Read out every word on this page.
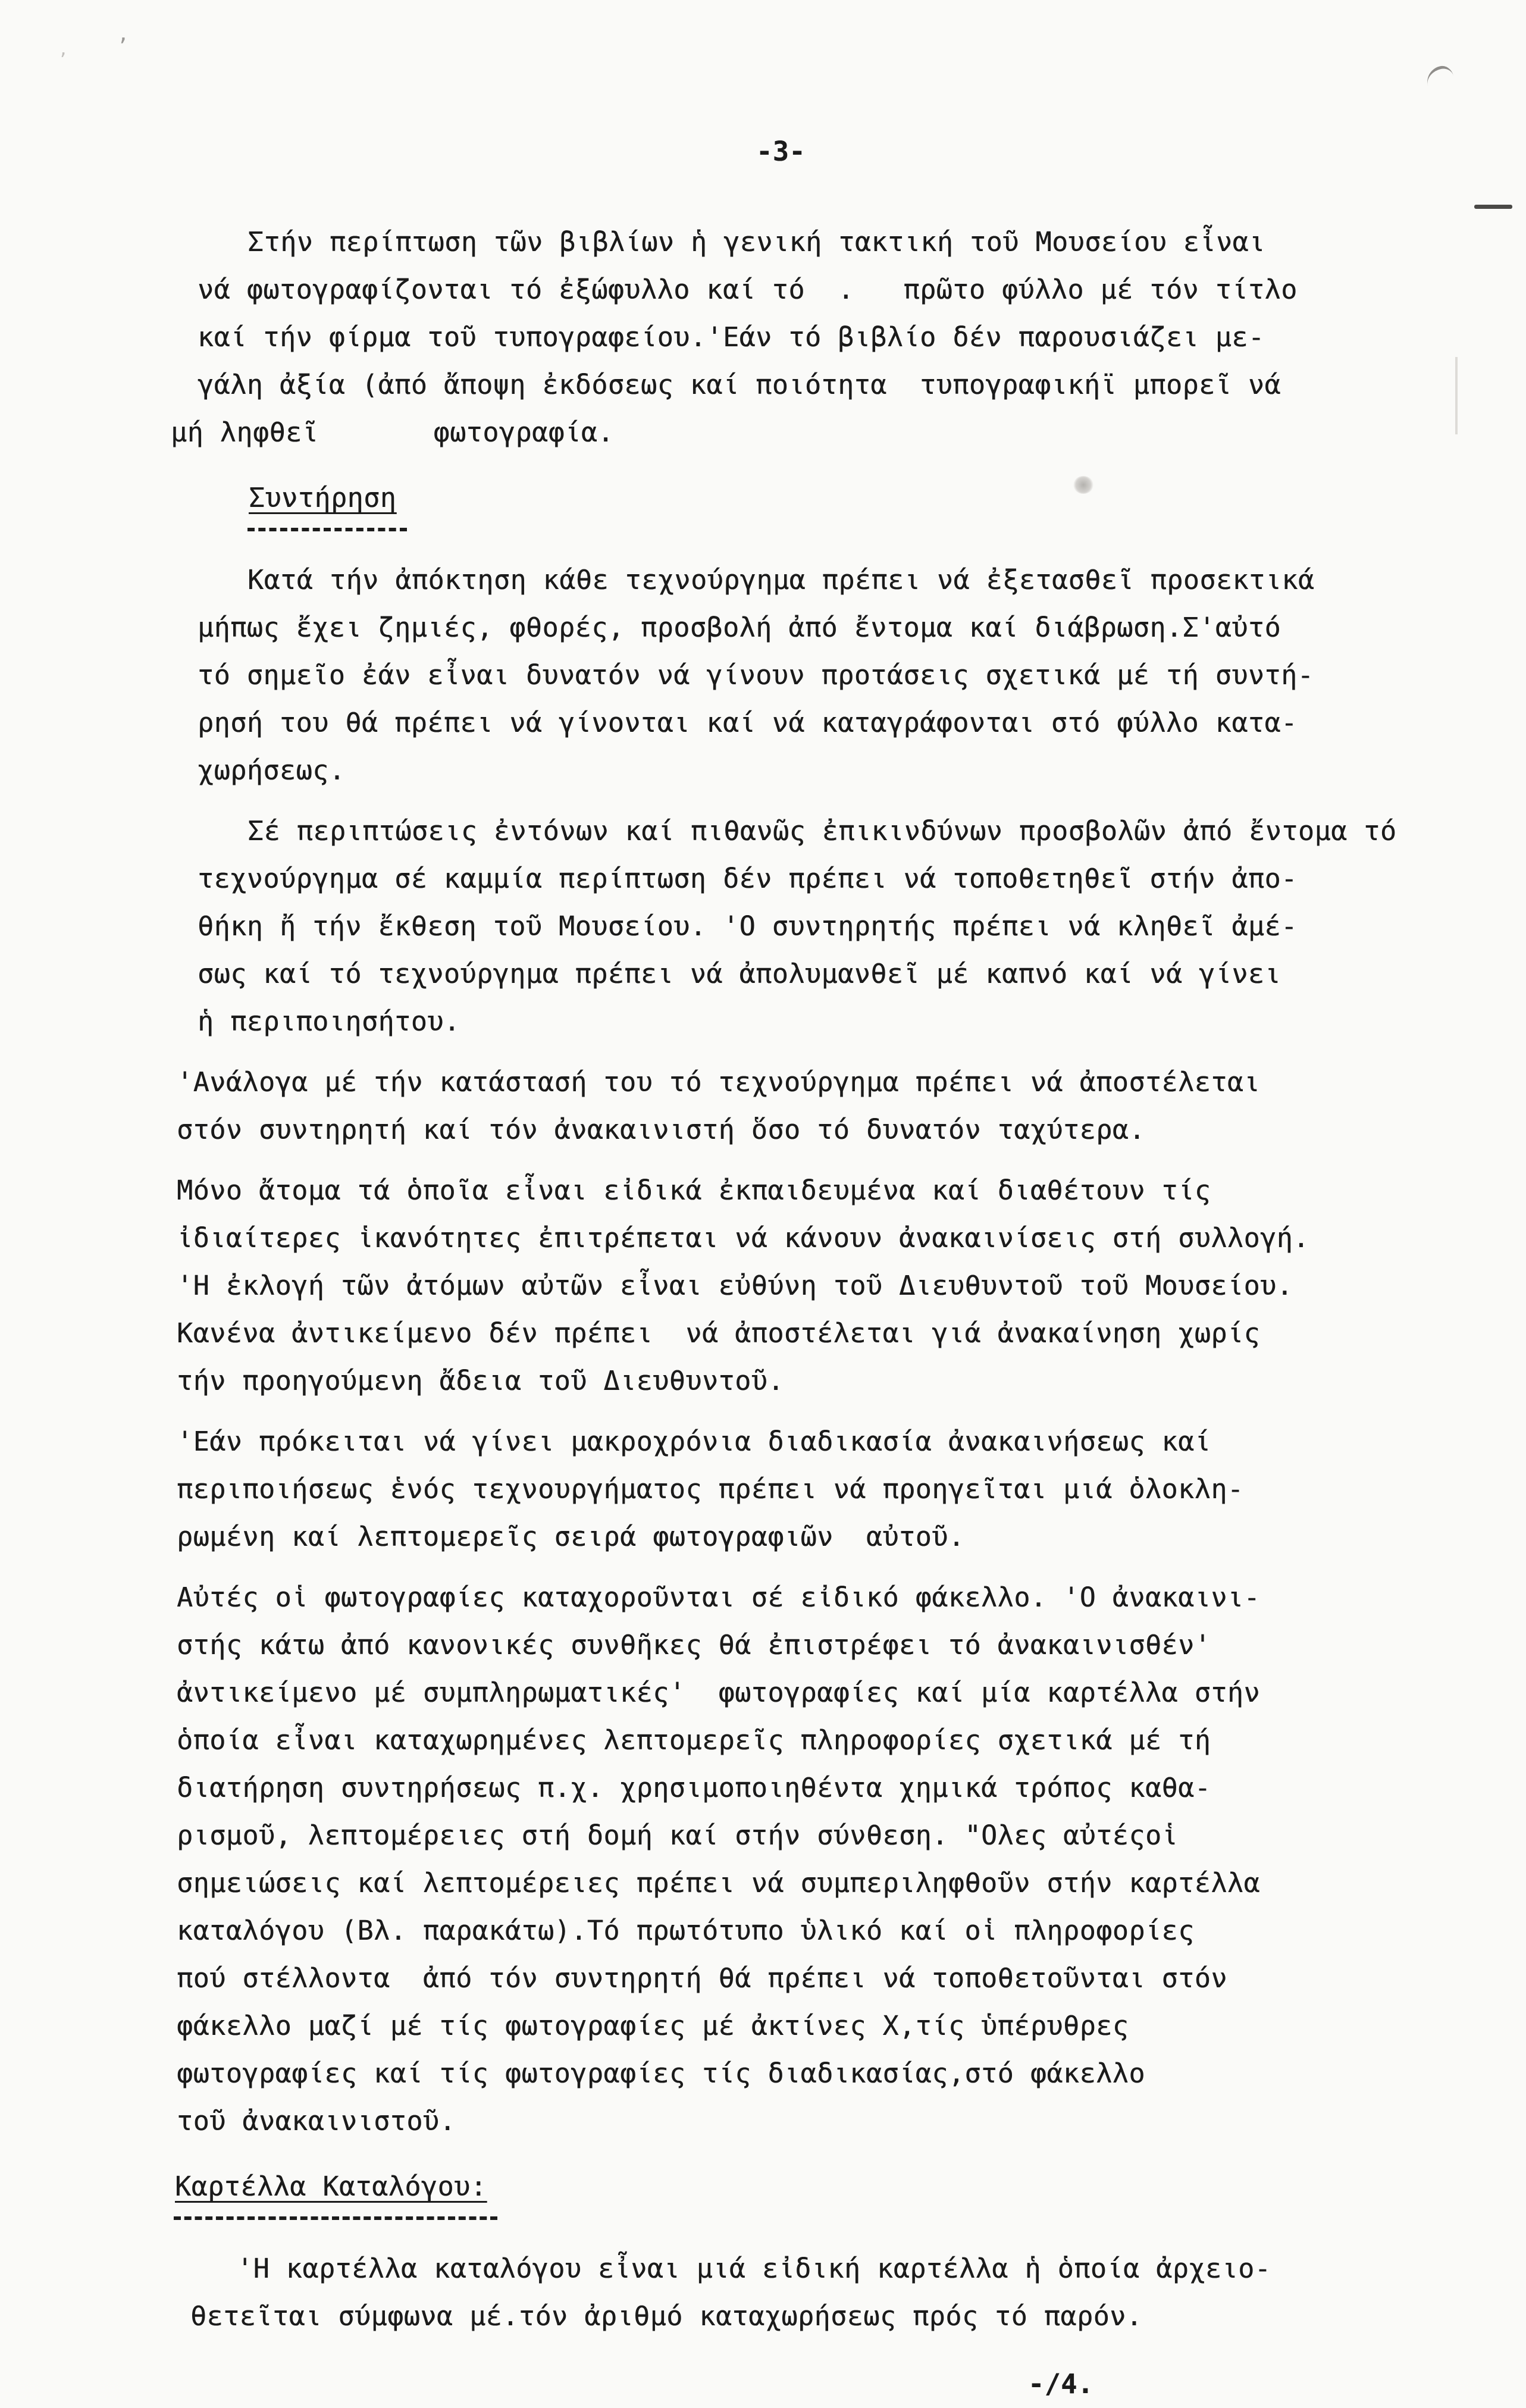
-3-
Στήν περίπτωση τῶν βιβλίων ἡ γενική τακτική τοῦ Μουσείου εἶναι
νά φωτογραφίζονται τό ἐξώφυλλο καί τό  .   πρῶτο φύλλο μέ τόν τίτλο
καί τήν φίρμα τοῦ τυπογραφείου.'Εάν τό βιβλίο δέν παρουσιάζει με-
γάλη ἀξία (ἀπό ἄποψη ἐκδόσεως καί ποιότητα  τυπογραφικήϊ μπορεῖ νά
μή ληφθεῖ       φωτογραφία.
Συντήρηση
Κατά τήν ἀπόκτηση κάθε τεχνούργημα πρέπει νά ἐξετασθεῖ προσεκτικά
μήπως ἔχει ζημιές, φθορές, προσβολή ἀπό ἔντομα καί διάβρωση.Σ'αὐτό
τό σημεῖο ἐάν εἶναι δυνατόν νά γίνουν προτάσεις σχετικά μέ τή συντή-
ρησή του θά πρέπει νά γίνονται καί νά καταγράφονται στό φύλλο κατα-
χωρήσεως.
Σέ περιπτώσεις ἐντόνων καί πιθανῶς ἐπικινδύνων προσβολῶν ἀπό ἔντομα τό
τεχνούργημα σέ καμμία περίπτωση δέν πρέπει νά τοποθετηθεῖ στήν ἀπο-
θήκη ἤ τήν ἔκθεση τοῦ Μουσείου. 'Ο συντηρητής πρέπει νά κληθεῖ ἀμέ-
σως καί τό τεχνούργημα πρέπει νά ἀπολυμανθεῖ μέ καπνό καί νά γίνει
ἡ περιποιησήτου.
'Ανάλογα μέ τήν κατάστασή του τό τεχνούργημα πρέπει νά ἀποστέλεται
στόν συντηρητή καί τόν ἀνακαινιστή ὅσο τό δυνατόν ταχύτερα.
Μόνο ἄτομα τά ὁποῖα εἶναι εἰδικά ἐκπαιδευμένα καί διαθέτουν τίς
ἰδιαίτερες ἱκανότητες ἐπιτρέπεται νά κάνουν ἀνακαινίσεις στή συλλογή.
'Η ἐκλογή τῶν ἀτόμων αὐτῶν εἶναι εὐθύνη τοῦ Διευθυντοῦ τοῦ Μουσείου.
Κανένα ἀντικείμενο δέν πρέπει  νά ἀποστέλεται γιά ἀνακαίνηση χωρίς
τήν προηγούμενη ἄδεια τοῦ Διευθυντοῦ.
'Εάν πρόκειται νά γίνει μακροχρόνια διαδικασία ἀνακαινήσεως καί
περιποιήσεως ἑνός τεχνουργήματος πρέπει νά προηγεῖται μιά ὁλοκλη-
ρωμένη καί λεπτομερεῖς σειρά φωτογραφιῶν  αὐτοῦ.
Αὐτές οἱ φωτογραφίες καταχοροῦνται σέ εἰδικό φάκελλο. 'Ο ἀνακαινι-
στής κάτω ἀπό κανονικές συνθῆκες θά ἐπιστρέφει τό ἀνακαινισθέν'
ἀντικείμενο μέ συμπληρωματικές'  φωτογραφίες καί μία καρτέλλα στήν
ὁποία εἶναι καταχωρημένες λεπτομερεῖς πληροφορίες σχετικά μέ τή
διατήρηση συντηρήσεως π.χ. χρησιμοποιηθέντα χημικά τρόπος καθα-
ρισμοῦ, λεπτομέρειες στή δομή καί στήν σύνθεση. "Ολες αὐτέςοἱ
σημειώσεις καί λεπτομέρειες πρέπει νά συμπεριληφθοῦν στήν καρτέλλα
καταλόγου (Βλ. παρακάτω).Τό πρωτότυπο ὑλικό καί οἱ πληροφορίες
πού στέλλοντα  ἀπό τόν συντηρητή θά πρέπει νά τοποθετοῦνται στόν
φάκελλο μαζί μέ τίς φωτογραφίες μέ ἀκτίνες Χ,τίς ὑπέρυθρες
φωτογραφίες καί τίς φωτογραφίες τίς διαδικασίας,στό φάκελλο
τοῦ ἀνακαινιστοῦ.
Καρτέλλα Καταλόγου:
'Η καρτέλλα καταλόγου εἶναι μιά εἰδική καρτέλλα ἡ ὁποία ἀρχειο-
θετεῖται σύμφωνα μέ.τόν ἀριθμό καταχωρήσεως πρός τό παρόν.
-/4.
’
‚
